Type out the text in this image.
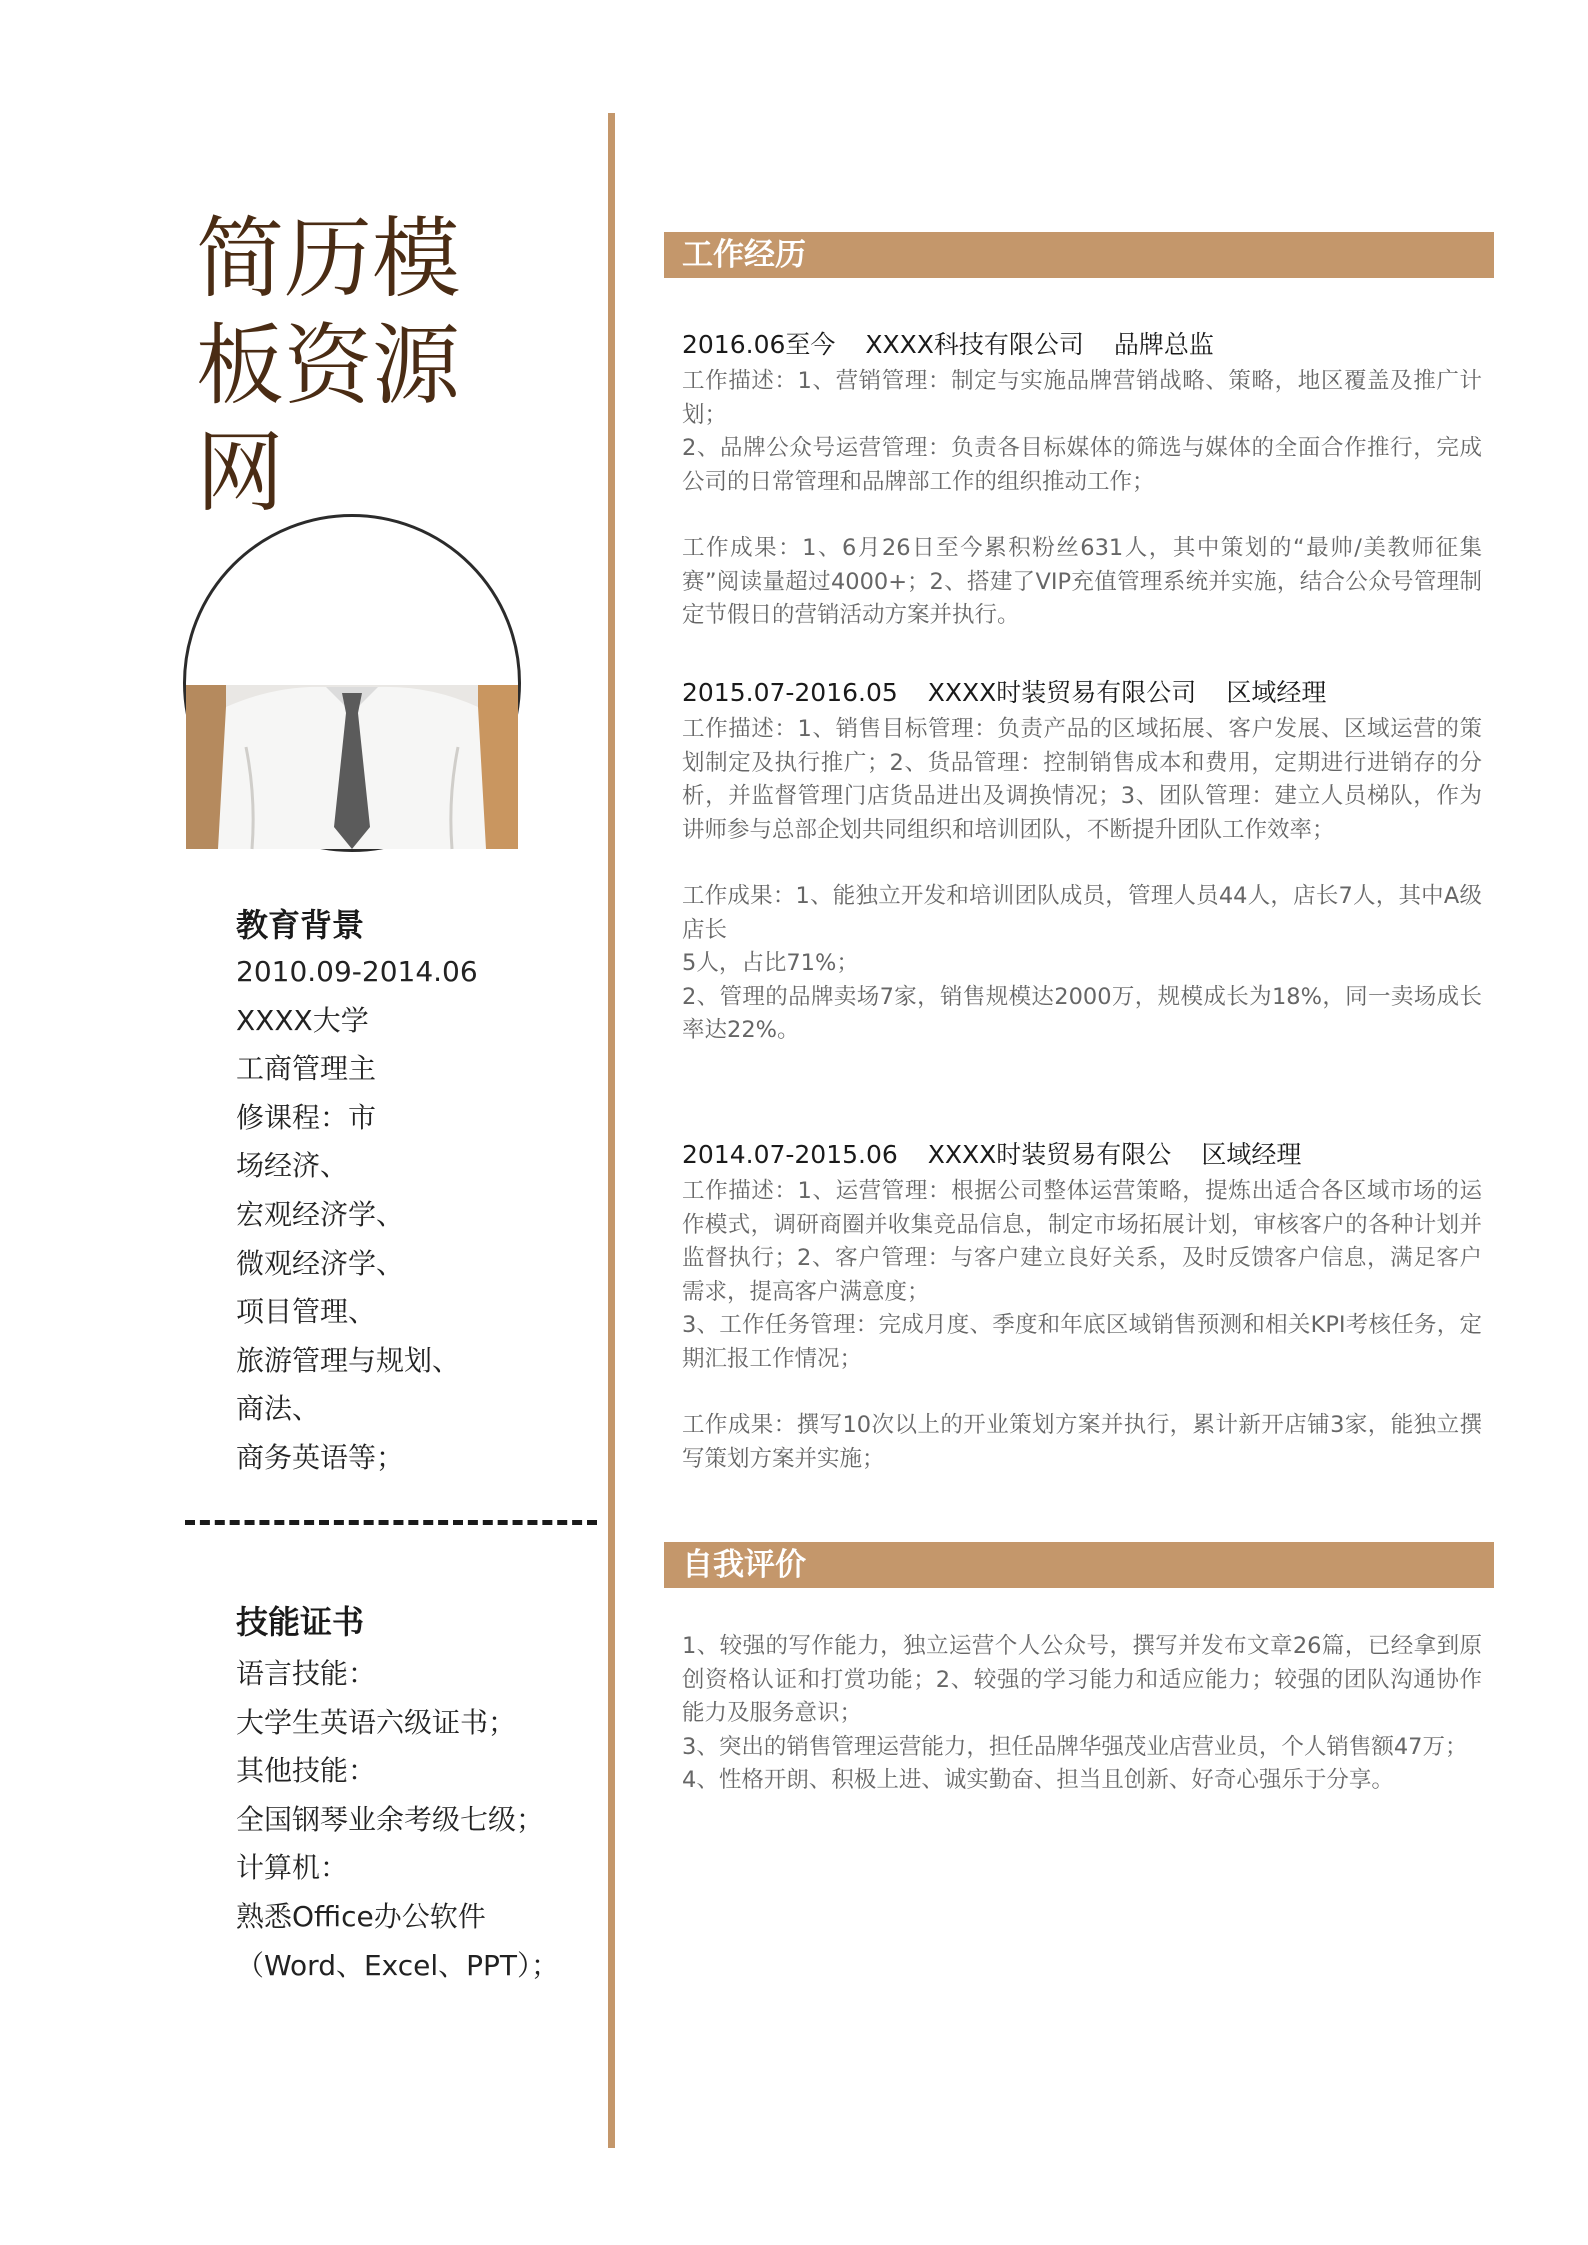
简历模板资源网
教育背景
2010.09-2014.06
XXXX大学
工商管理主
修课程：市
场经济、
宏观经济学、
微观经济学、
项目管理、
旅游管理与规划、
商法、
商务英语等；
技能证书
语言技能：
大学生英语六级证书；
其他技能：
全国钢琴业余考级七级；
计算机：
熟悉Office办公软件
（Word、Excel、PPT）；
工作经历
2016.06至今 XXXX科技有限公司 品牌总监

工作描述：1、营销管理：制定与实施品牌营销战略、策略，地区覆盖及推广计划；

2、品牌公众号运营管理：负责各目标媒体的筛选与媒体的全面合作推行，完成公司的日常管理和品牌部工作的组织推动工作；

工作成果：1、6月26日至今累积粉丝631人，其中策划的“最帅/美教师征集赛”阅读量超过4000+；2、搭建了VIP充值管理系统并实施，结合公众号管理制定节假日的营销活动方案并执行。

2015.07-2016.05 XXXX时装贸易有限公司 区域经理

工作描述：1、销售目标管理：负责产品的区域拓展、客户发展、区域运营的策划制定及执行推广；2、货品管理：控制销售成本和费用，定期进行进销存的分析，并监督管理门店货品进出及调换情况；3、团队管理：建立人员梯队，作为讲师参与总部企划共同组织和培训团队，不断提升团队工作效率；

工作成果：1、能独立开发和培训团队成员，管理人员44人，店长7人，其中A级店长

5人，占比71%；

2、管理的品牌卖场7家，销售规模达2000万，规模成长为18%，同一卖场成长率达22%。

2014.07-2015.06 XXXX时装贸易有限公 区域经理

工作描述：1、运营管理：根据公司整体运营策略，提炼出适合各区域市场的运作模式，调研商圈并收集竞品信息，制定市场拓展计划，审核客户的各种计划并监督执行；2、客户管理：与客户建立良好关系，及时反馈客户信息，满足客户需求，提高客户满意度；

3、工作任务管理：完成月度、季度和年底区域销售预测和相关KPI考核任务，定期汇报工作情况；

工作成果：撰写10次以上的开业策划方案并执行，累计新开店铺3家，能独立撰写策划方案并实施；

自我评价

1、较强的写作能力，独立运营个人公众号，撰写并发布文章26篇，已经拿到原创资格认证和打赏功能；2、较强的学习能力和适应能力；较强的团队沟通协作能力及服务意识；

3、突出的销售管理运营能力，担任品牌华强茂业店营业员，个人销售额47万；

4、性格开朗、积极上进、诚实勤奋、担当且创新、好奇心强乐于分享。
